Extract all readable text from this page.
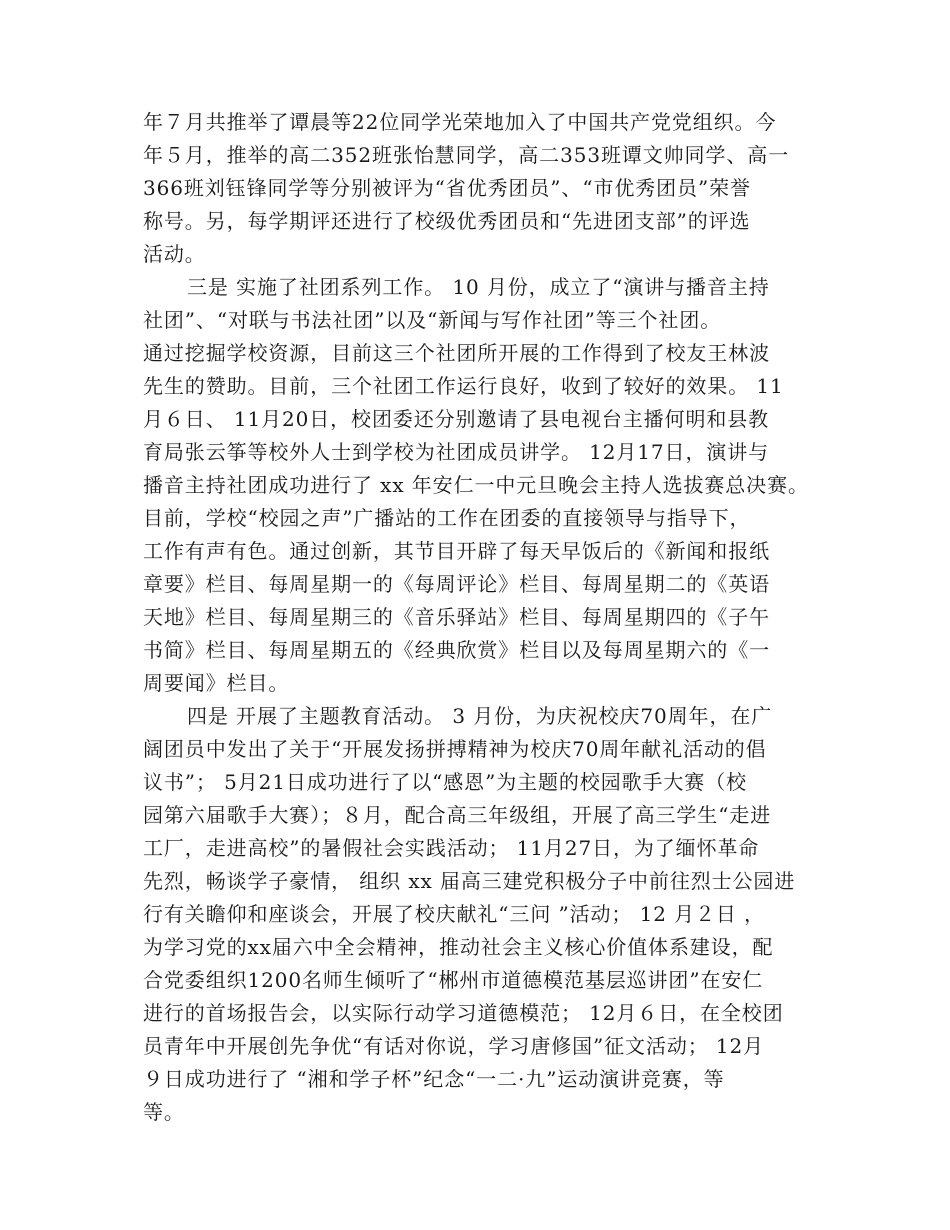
年７月共推举了谭晨等22位同学光荣地加入了中国共产党党组织。今
年５月，推举的高二352班张怡慧同学，高二353班谭文帅同学、高一
366班刘钰锋同学等分别被评为“省优秀团员”、“市优秀团员”荣誉
称号。另，每学期评还进行了校级优秀团员和“先进团支部”的评选
活动。
三是 实施了社团系列工作。 10 月份，成立了“演讲与播音主持
社团”、“对联与书法社团”以及“新闻与写作社团”等三个社团。
通过挖掘学校资源，目前这三个社团所开展的工作得到了校友王林波
先生的赞助。目前，三个社团工作运行良好，收到了较好的效果。 11
月６日、 11月20日，校团委还分别邀请了县电视台主播何明和县教
育局张云筝等校外人士到学校为社团成员讲学。 12月17日，演讲与
播音主持社团成功进行了 xx 年安仁一中元旦晚会主持人选拔赛总决赛。
目前，学校“校园之声”广播站的工作在团委的直接领导与指导下，
工作有声有色。通过创新，其节目开辟了每天早饭后的《新闻和报纸
章要》栏目、每周星期一的《每周评论》栏目、每周星期二的《英语
天地》栏目、每周星期三的《音乐驿站》栏目、每周星期四的《子午
书简》栏目、每周星期五的《经典欣赏》栏目以及每周星期六的《一
周要闻》栏目。
四是 开展了主题教育活动。 3 月份，为庆祝校庆70周年，在广
阔团员中发出了关于“开展发扬拼搏精神为校庆70周年献礼活动的倡
议书”； 5月21日成功进行了以“感恩”为主题的校园歌手大赛（校
园第六届歌手大赛）；８月，配合高三年级组，开展了高三学生“走进
工厂，走进高校”的暑假社会实践活动； 11月27日，为了缅怀革命
先烈，畅谈学子豪情， 组织 xx 届高三建党积极分子中前往烈士公园进
行有关瞻仰和座谈会，开展了校庆献礼“三问 ”活动； 12 月２日 ，
为学习党的xx届六中全会精神，推动社会主义核心价值体系建设，配
合党委组织1200名师生倾听了“郴州市道德模范基层巡讲团”在安仁
进行的首场报告会，以实际行动学习道德模范； 12月６日，在全校团
员青年中开展创先争优“有话对你说，学习唐修国”征文活动； 12月
９日成功进行了 “湘和学子杯”纪念“一二·九”运动演讲竞赛，等
等。
